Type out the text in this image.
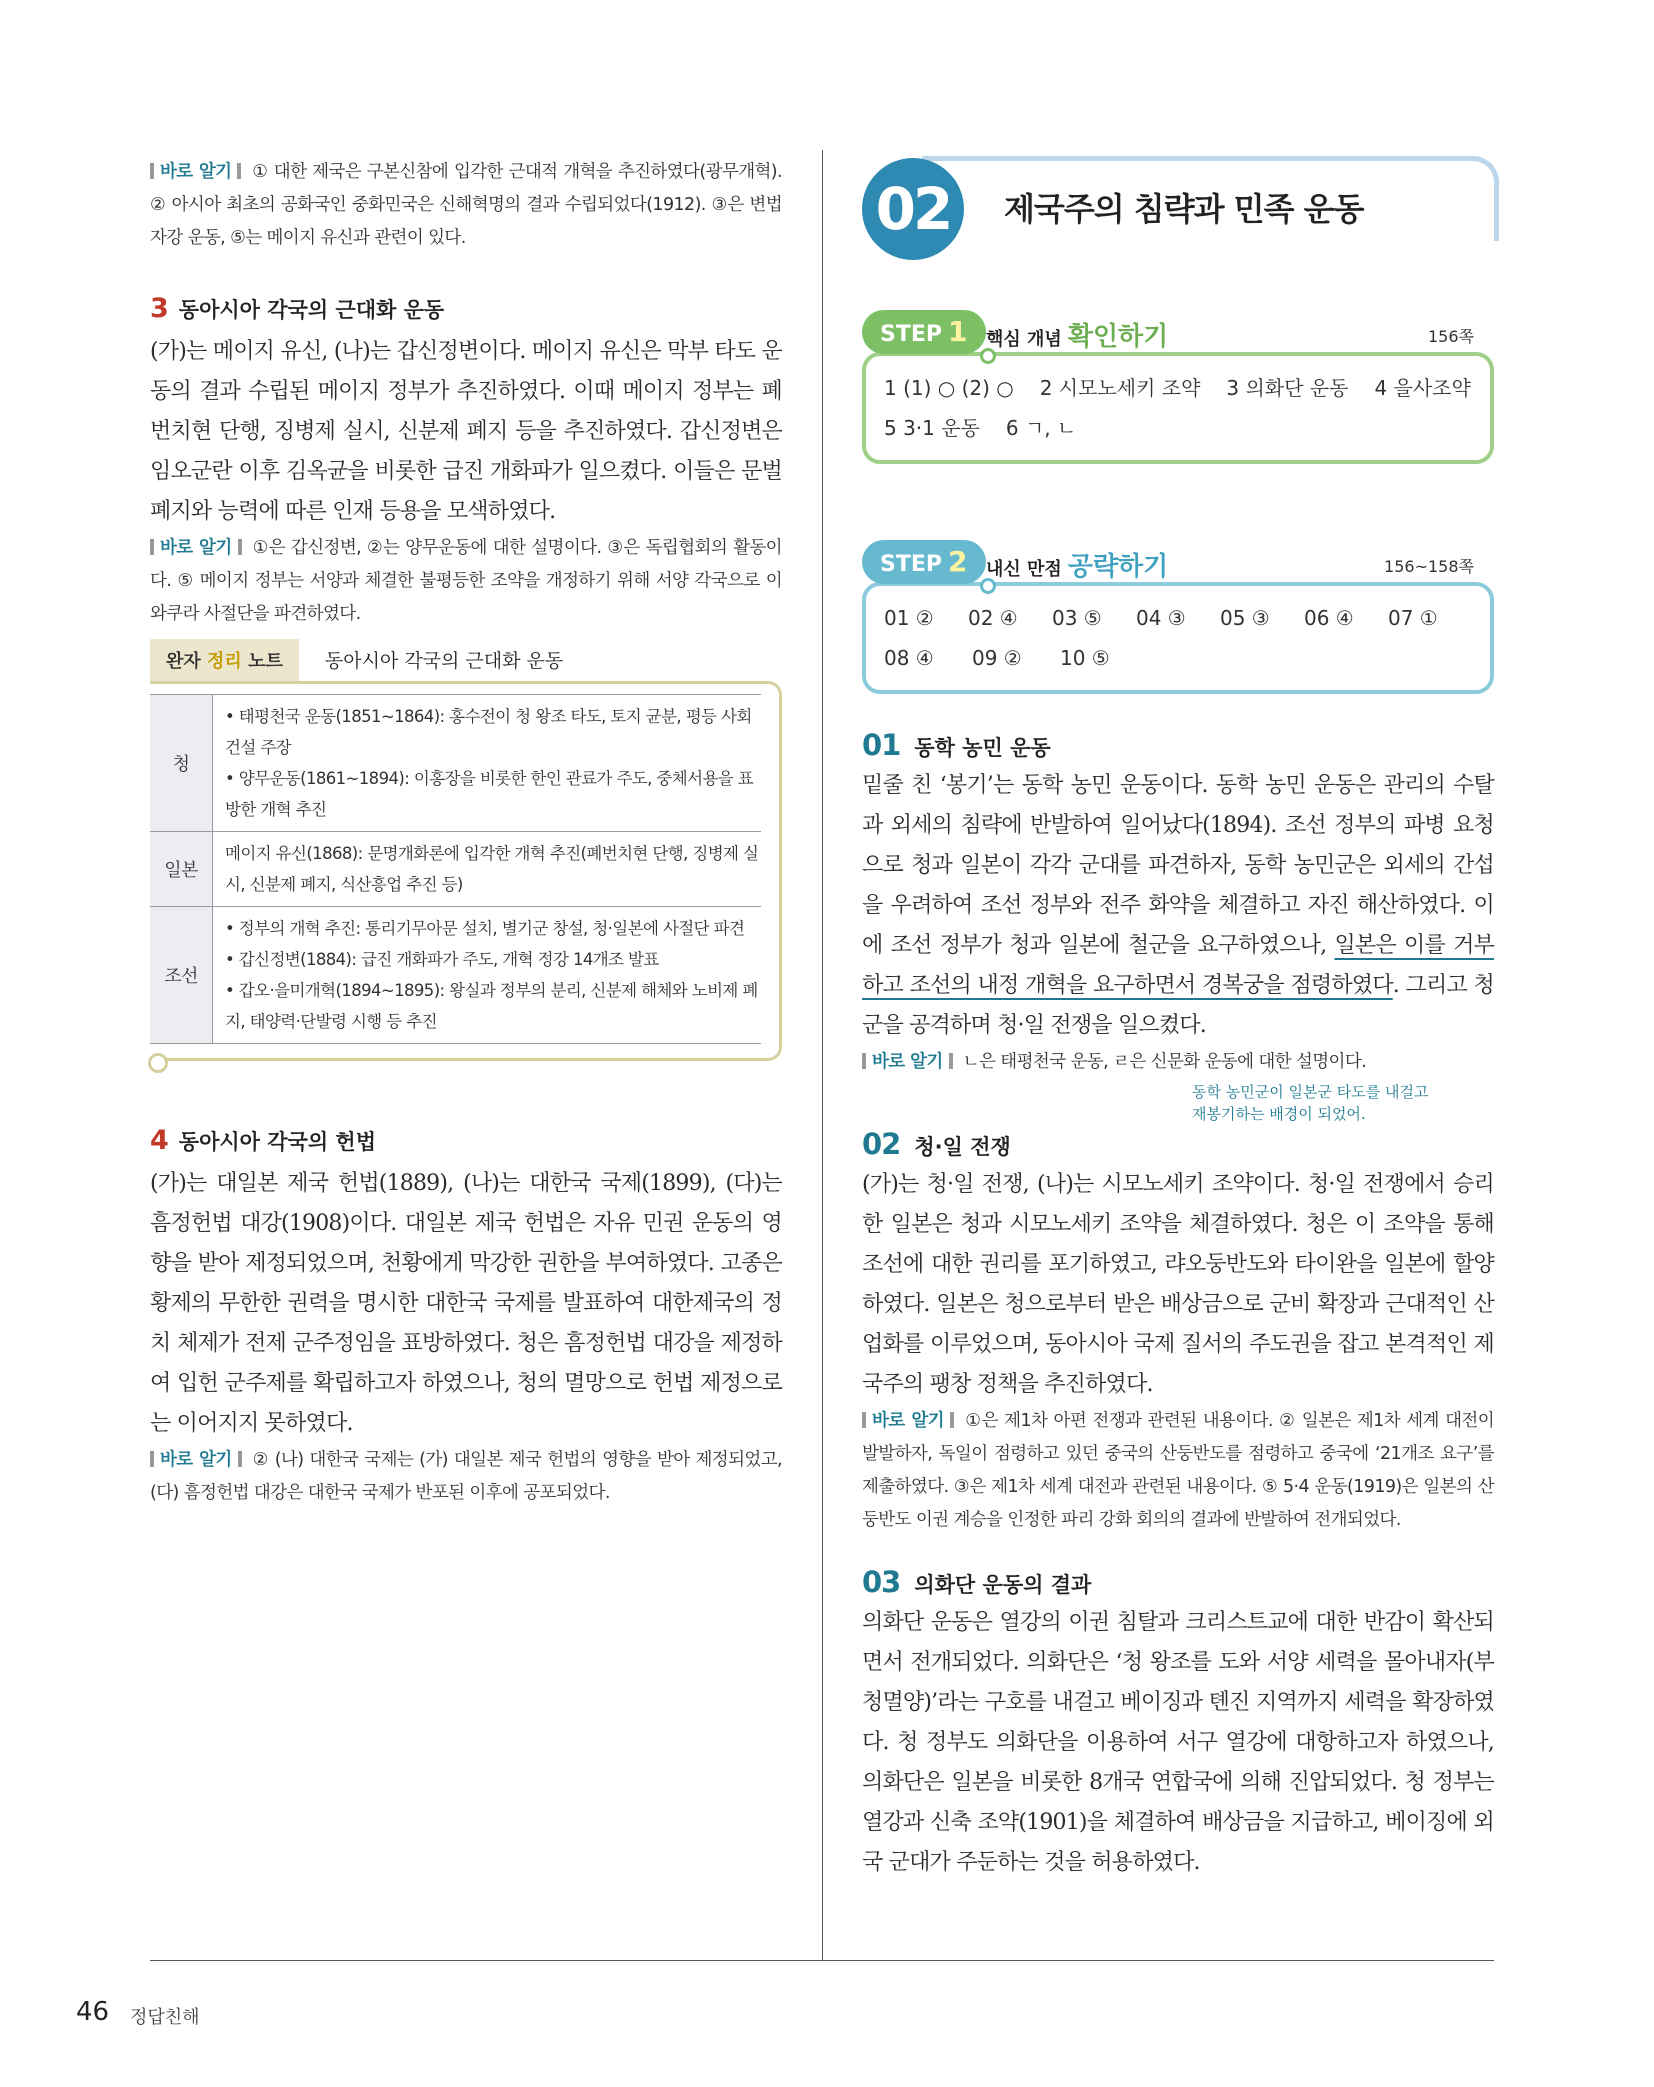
바로 알기 ① 대한 제국은 구본신참에 입각한 근대적 개혁을 추진하였다(광무개혁). ② 아시아 최초의 공화국인 중화민국은 신해혁명의 결과 수립되었다(1912). ③은 변법자강 운동, ⑤는 메이지 유신과 관련이 있다.
3 동아시아 각국의 근대화 운동
(가)는 메이지 유신, (나)는 갑신정변이다. 메이지 유신은 막부 타도 운동의 결과 수립된 메이지 정부가 추진하였다. 이때 메이지 정부는 폐번치현 단행, 징병제 실시, 신분제 폐지 등을 추진하였다. 갑신정변은 임오군란 이후 김옥균을 비롯한 급진 개화파가 일으켰다. 이들은 문벌 폐지와 능력에 따른 인재 등용을 모색하였다.
바로 알기 ①은 갑신정변, ②는 양무운동에 대한 설명이다. ③은 독립협회의 활동이다. ⑤ 메이지 정부는 서양과 체결한 불평등한 조약을 개정하기 위해 서양 각국으로 이와쿠라 사절단을 파견하였다.
완자 정리 노트	동아시아 각국의 근대화 운동
청	• 태평천국 운동(1851~1864): 홍수전이 청 왕조 타도, 토지 균분, 평등 사회 건설 주장
• 양무운동(1861~1894): 이홍장을 비롯한 한인 관료가 주도, 중체서용을 표방한 개혁 추진

일본	메이지 유신(1868): 문명개화론에 입각한 개혁 추진(폐번치현 단행, 징병제 실시, 신분제 폐지, 식산흥업 추진 등)

조선	• 정부의 개혁 추진: 통리기무아문 설치, 별기군 창설, 청·일본에 사절단 파견
• 갑신정변(1884): 급진 개화파가 주도, 개혁 정강 14개조 발표
• 갑오·을미개혁(1894~1895): 왕실과 정부의 분리, 신분제 해체와 노비제 폐지, 태양력·단발령 시행 등 추진
4 동아시아 각국의 헌법
(가)는 대일본 제국 헌법(1889), (나)는 대한국 국제(1899), (다)는 흠정헌법 대강(1908)이다. 대일본 제국 헌법은 자유 민권 운동의 영향을 받아 제정되었으며, 천황에게 막강한 권한을 부여하였다. 고종은 황제의 무한한 권력을 명시한 대한국 국제를 발표하여 대한제국의 정치 체제가 전제 군주정임을 표방하였다. 청은 흠정헌법 대강을 제정하여 입헌 군주제를 확립하고자 하였으나, 청의 멸망으로 헌법 제정으로는 이어지지 못하였다.
바로 알기 ② (나) 대한국 국제는 (가) 대일본 제국 헌법의 영향을 받아 제정되었고, (다) 흠정헌법 대강은 대한국 국제가 반포된 이후에 공포되었다.
02	제국주의 침략과 민족 운동
STEP 1	핵심 개념 확인하기	156쪽
1 (1) ○ (2) ○ 2 시모노세키 조약 3 의화단 운동 4 을사조약
5 3·1 운동 6 ㄱ, ㄴ
STEP 2	내신 만점 공략하기	156~158쪽
01 ②	02 ④	03 ⑤	04 ③	05 ③	06 ④	07 ①
08 ④	09 ②	10 ⑤
01 동학 농민 운동
밑줄 친 ‘봉기’는 동학 농민 운동이다. 동학 농민 운동은 관리의 수탈과 외세의 침략에 반발하여 일어났다(1894). 조선 정부의 파병 요청으로 청과 일본이 각각 군대를 파견하자, 동학 농민군은 외세의 간섭을 우려하여 조선 정부와 전주 화약을 체결하고 자진 해산하였다. 이에 조선 정부가 청과 일본에 철군을 요구하였으나, 일본은 이를 거부하고 조선의 내정 개혁을 요구하면서 경복궁을 점령하였다. 그리고 청군을 공격하며 청·일 전쟁을 일으켰다.
바로 알기 ㄴ은 태평천국 운동, ㄹ은 신문화 운동에 대한 설명이다.
동학 농민군이 일본군 타도를 내걸고
재봉기하는 배경이 되었어.
02 청·일 전쟁
(가)는 청·일 전쟁, (나)는 시모노세키 조약이다. 청·일 전쟁에서 승리한 일본은 청과 시모노세키 조약을 체결하였다. 청은 이 조약을 통해 조선에 대한 권리를 포기하였고, 랴오둥반도와 타이완을 일본에 할양하였다. 일본은 청으로부터 받은 배상금으로 군비 확장과 근대적인 산업화를 이루었으며, 동아시아 국제 질서의 주도권을 잡고 본격적인 제국주의 팽창 정책을 추진하였다.
바로 알기 ①은 제1차 아편 전쟁과 관련된 내용이다. ② 일본은 제1차 세계 대전이 발발하자, 독일이 점령하고 있던 중국의 산둥반도를 점령하고 중국에 ‘21개조 요구’를 제출하였다. ③은 제1차 세계 대전과 관련된 내용이다. ⑤ 5·4 운동(1919)은 일본의 산둥반도 이권 계승을 인정한 파리 강화 회의의 결과에 반발하여 전개되었다.
03 의화단 운동의 결과
의화단 운동은 열강의 이권 침탈과 크리스트교에 대한 반감이 확산되면서 전개되었다. 의화단은 ‘청 왕조를 도와 서양 세력을 몰아내자(부청멸양)’라는 구호를 내걸고 베이징과 톈진 지역까지 세력을 확장하였다. 청 정부도 의화단을 이용하여 서구 열강에 대항하고자 하였으나, 의화단은 일본을 비롯한 8개국 연합국에 의해 진압되었다. 청 정부는 열강과 신축 조약(1901)을 체결하여 배상금을 지급하고, 베이징에 외국 군대가 주둔하는 것을 허용하였다.
46 정답친해
